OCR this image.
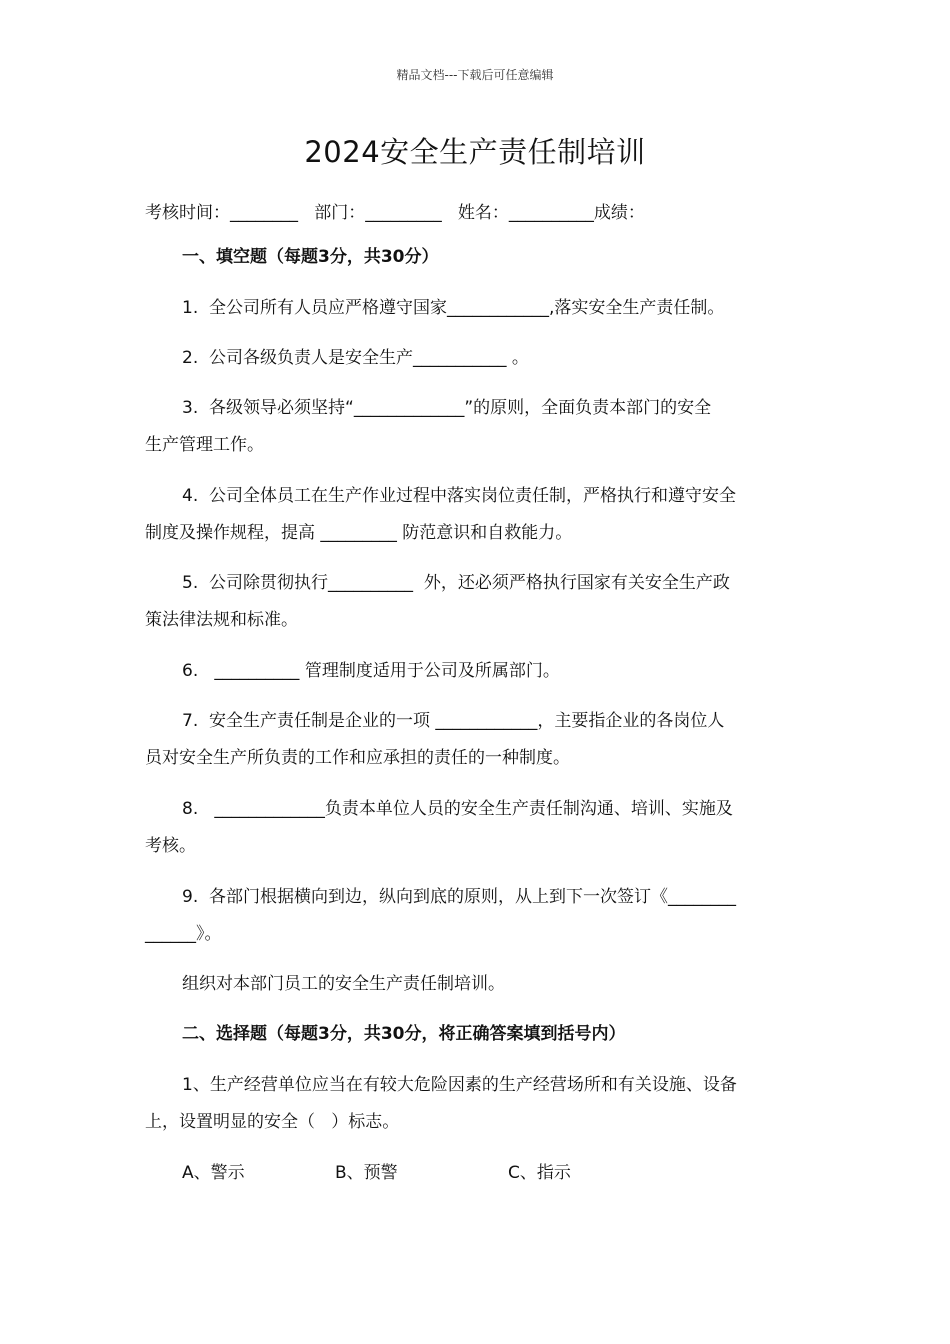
精品文档---下载后可任意编辑
2024安全生产责任制培训
考核时间：________   部门：_________   姓名：__________成绩：
一、填空题（每题3分，共30分）
1.  全公司所有人员应严格遵守国家____________,落实安全生产责任制。
2.  公司各级负责人是安全生产___________ 。
3.  各级领导必须坚持“_____________”的原则，全面负责本部门的安全
生产管理工作。
4.  公司全体员工在生产作业过程中落实岗位责任制，严格执行和遵守安全
制度及操作规程，提高 _________ 防范意识和自救能力。
5.  公司除贯彻执行__________  外，还必须严格执行国家有关安全生产政
策法律法规和标准。
6.   __________ 管理制度适用于公司及所属部门。
7.  安全生产责任制是企业的一项 ____________，主要指企业的各岗位人
员对安全生产所负责的工作和应承担的责任的一种制度。
8.   _____________负责本单位人员的安全生产责任制沟通、培训、实施及
考核。
9.  各部门根据横向到边，纵向到底的原则，从上到下一次签订《________
______》。
组织对本部门员工的安全生产责任制培训。
二、选择题（每题3分，共30分，将正确答案填到括号内）
1、生产经营单位应当在有较大危险因素的生产经营场所和有关设施、设备
上，设置明显的安全（   ）标志。
A、警示	B、预警	C、指示
